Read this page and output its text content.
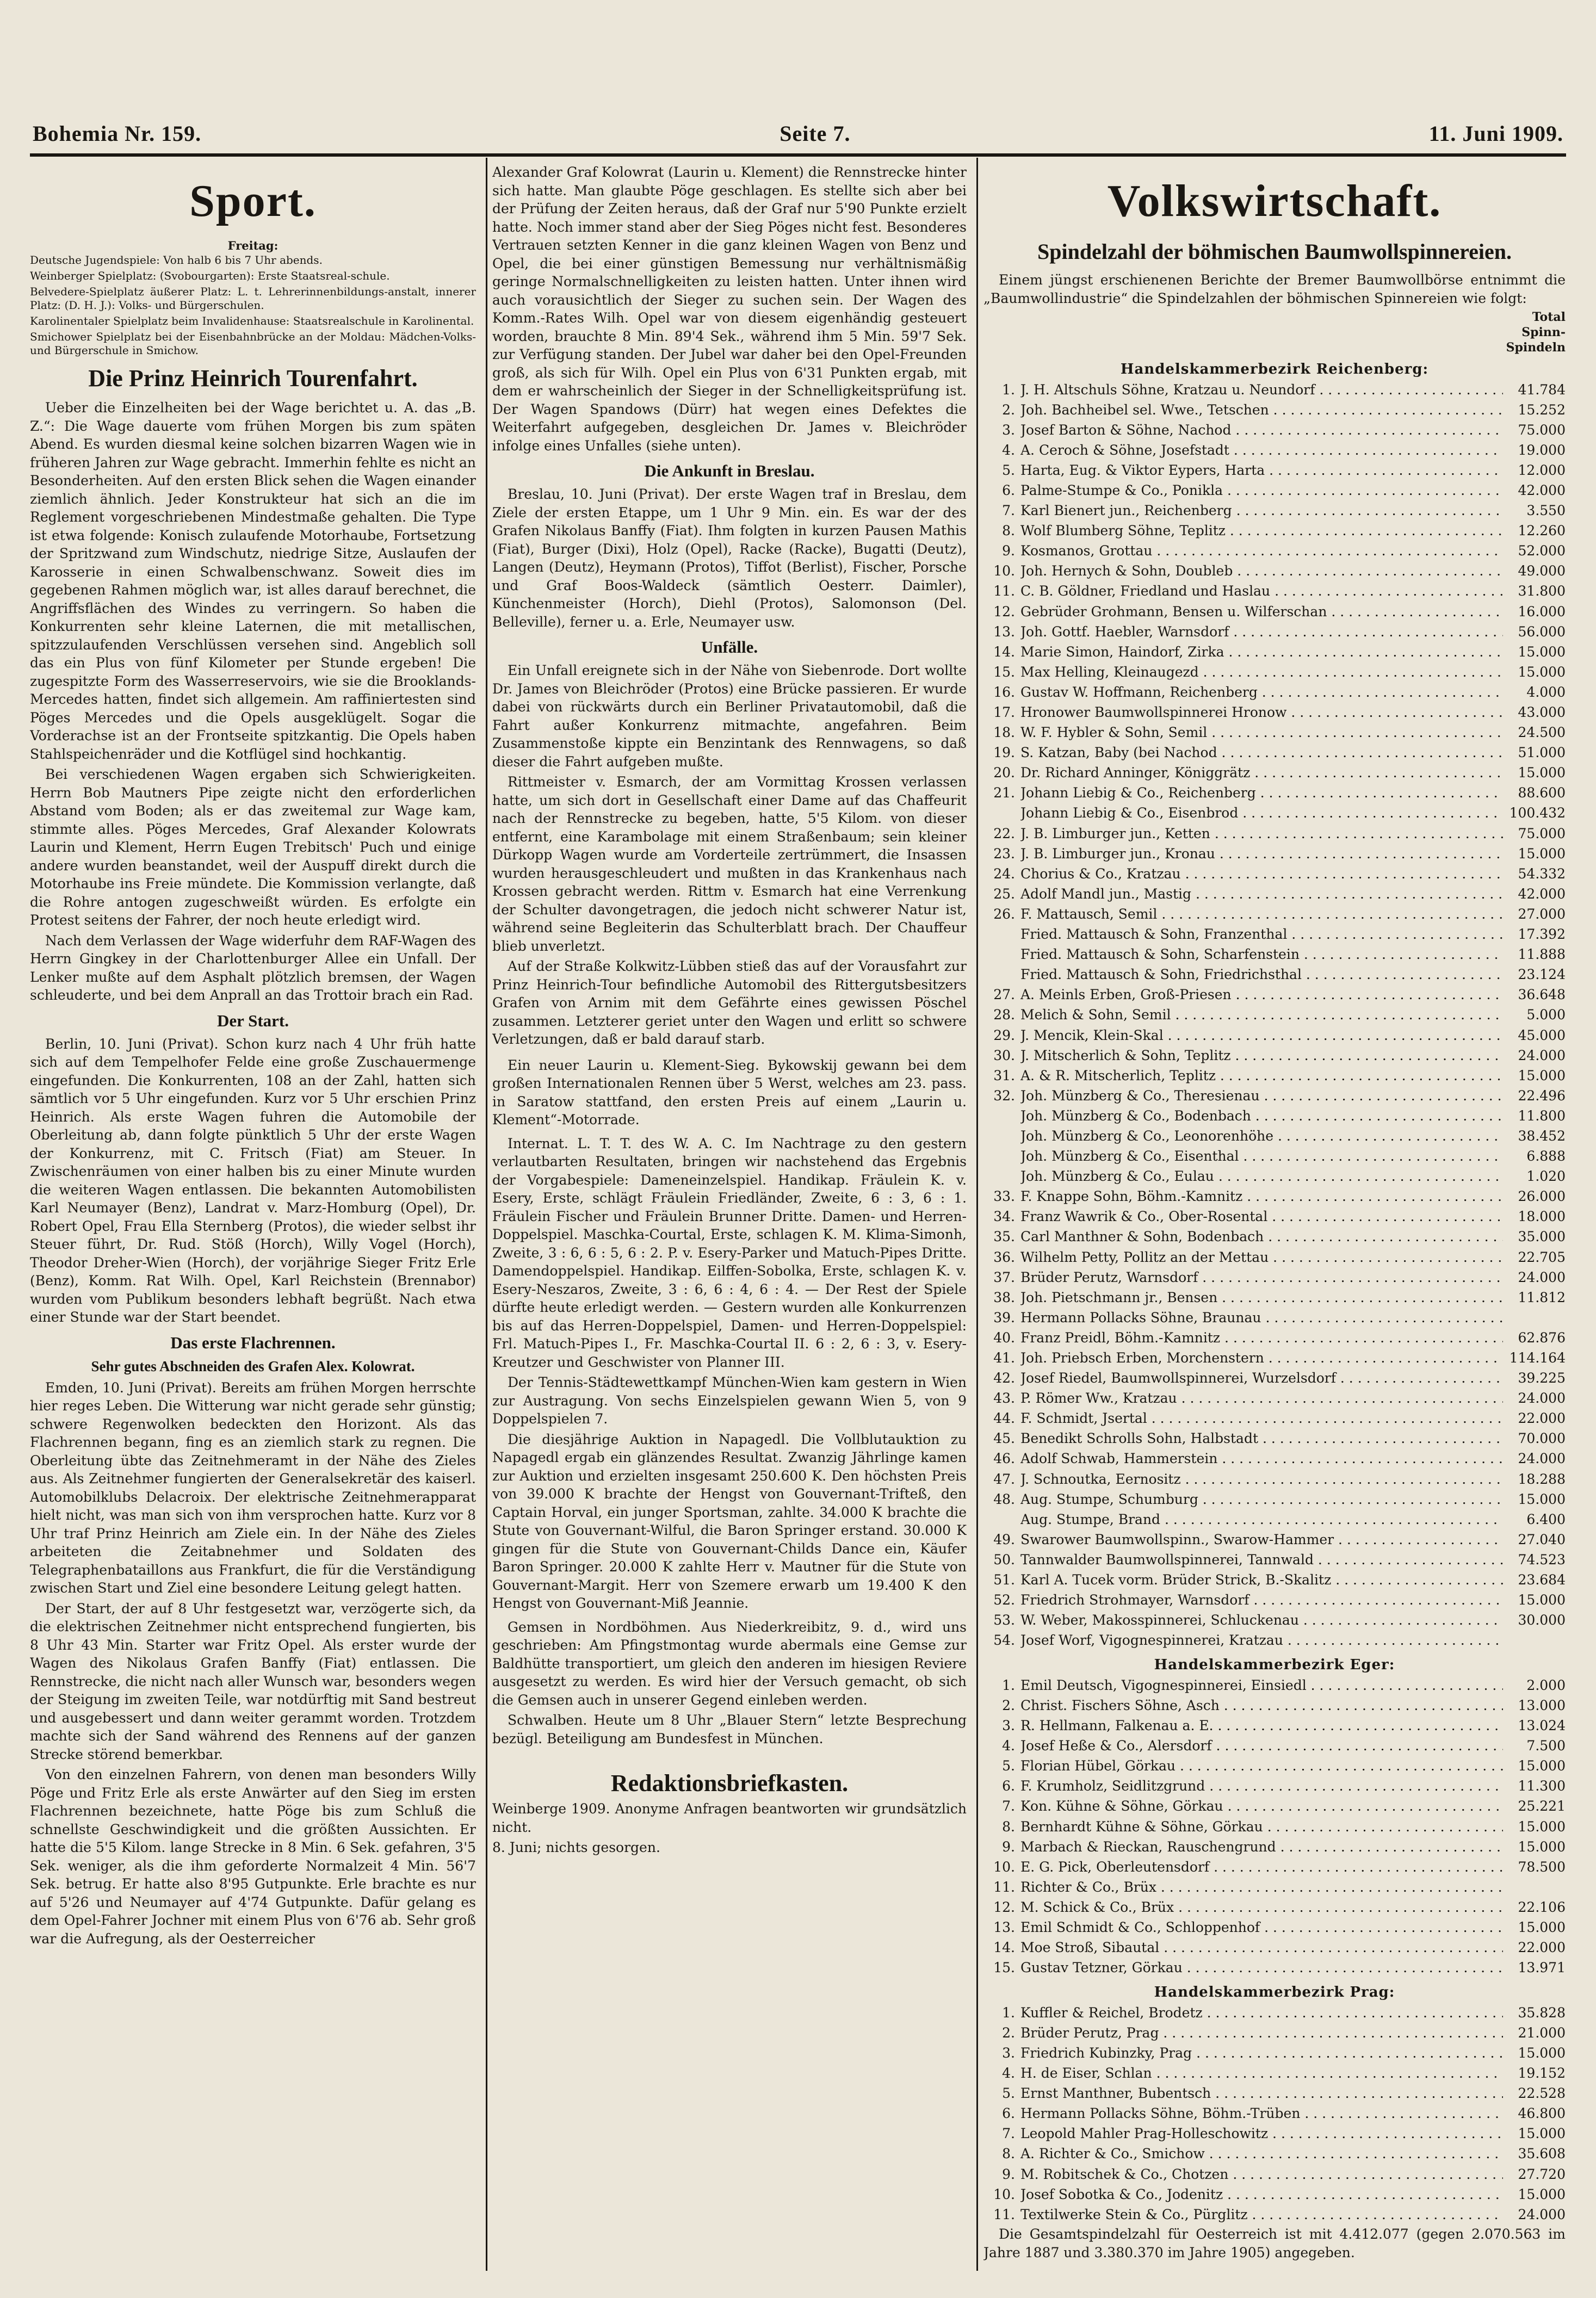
Bohemia Nr. 159.	Seite 7.	11. Juni 1909.
Sport.
Freitag:

Deutsche Jugendspiele: Von halb 6 bis 7 Uhr abends.

Weinberger Spielplatz: (Svobourgarten): Erste Staatsreal-schule.

Belvedere-Spielplatz äußerer Platz: L. t. Lehrerinnenbildungs-anstalt, innerer Platz: (D. H. J.): Volks- und Bürgerschulen.

Karolinentaler Spielplatz beim Invalidenhause: Staatsrealschule in Karolinental.

Smichower Spielplatz bei der Eisenbahnbrücke an der Moldau: Mädchen-Volks- und Bürgerschule in Smichow.

Die Prinz Heinrich Tourenfahrt.

Ueber die Einzelheiten bei der Wage berichtet u. A. das „B. Z.“: Die Wage dauerte vom frühen Morgen bis zum späten Abend. Es wurden diesmal keine solchen bizarren Wagen wie in früheren Jahren zur Wage gebracht. Immerhin fehlte es nicht an Besonderheiten. Auf den ersten Blick sehen die Wagen einander ziemlich ähnlich. Jeder Konstrukteur hat sich an die im Reglement vorgeschriebenen Mindestmaße gehalten. Die Type ist etwa folgende: Konisch zulaufende Motorhaube, Fortsetzung der Spritzwand zum Windschutz, niedrige Sitze, Auslaufen der Karosserie in einen Schwalbenschwanz. Soweit dies im gegebenen Rahmen möglich war, ist alles darauf berechnet, die Angriffsflächen des Windes zu verringern. So haben die Konkurrenten sehr kleine Laternen, die mit metallischen, spitzzulaufenden Verschlüssen versehen sind. Angeblich soll das ein Plus von fünf Kilometer per Stunde ergeben! Die zugespitzte Form des Wasserreservoirs, wie sie die Brooklands-Mercedes hatten, findet sich allgemein. Am raffiniertesten sind Pöges Mercedes und die Opels ausgeklügelt. Sogar die Vorderachse ist an der Frontseite spitzkantig. Die Opels haben Stahlspeichenräder und die Kotflügel sind hochkantig.

Bei verschiedenen Wagen ergaben sich Schwierigkeiten. Herrn Bob Mautners Pipe zeigte nicht den erforderlichen Abstand vom Boden; als er das zweitemal zur Wage kam, stimmte alles. Pöges Mercedes, Graf Alexander Kolowrats Laurin und Klement, Herrn Eugen Trebitsch' Puch und einige andere wurden beanstandet, weil der Auspuff direkt durch die Motorhaube ins Freie mündete. Die Kommission verlangte, daß die Rohre antogen zugeschweißt würden. Es erfolgte ein Protest seitens der Fahrer, der noch heute erledigt wird.

Nach dem Verlassen der Wage widerfuhr dem RAF-Wagen des Herrn Gingkey in der Charlottenburger Allee ein Unfall. Der Lenker mußte auf dem Asphalt plötzlich bremsen, der Wagen schleuderte, und bei dem Anprall an das Trottoir brach ein Rad.

Der Start.

Berlin, 10. Juni (Privat). Schon kurz nach 4 Uhr früh hatte sich auf dem Tempelhofer Felde eine große Zuschauermenge eingefunden. Die Konkurrenten, 108 an der Zahl, hatten sich sämtlich vor 5 Uhr eingefunden. Kurz vor 5 Uhr erschien Prinz Heinrich. Als erste Wagen fuhren die Automobile der Oberleitung ab, dann folgte pünktlich 5 Uhr der erste Wagen der Konkurrenz, mit C. Fritsch (Fiat) am Steuer. In Zwischenräumen von einer halben bis zu einer Minute wurden die weiteren Wagen entlassen. Die bekannten Automobilisten Karl Neumayer (Benz), Landrat v. Marz-Homburg (Opel), Dr. Robert Opel, Frau Ella Sternberg (Protos), die wieder selbst ihr Steuer führt, Dr. Rud. Stöß (Horch), Willy Vogel (Horch), Theodor Dreher-Wien (Horch), der vorjährige Sieger Fritz Erle (Benz), Komm. Rat Wilh. Opel, Karl Reichstein (Brennabor) wurden vom Publikum besonders lebhaft begrüßt. Nach etwa einer Stunde war der Start beendet.

Das erste Flachrennen.
Sehr gutes Abschneiden des Grafen Alex. Kolowrat.

Emden, 10. Juni (Privat). Bereits am frühen Morgen herrschte hier reges Leben. Die Witterung war nicht gerade sehr günstig; schwere Regenwolken bedeckten den Horizont. Als das Flachrennen begann, fing es an ziemlich stark zu regnen. Die Oberleitung übte das Zeitnehmeramt in der Nähe des Zieles aus. Als Zeitnehmer fungierten der Generalsekretär des kaiserl. Automobilklubs Delacroix. Der elektrische Zeitnehmerapparat hielt nicht, was man sich von ihm versprochen hatte. Kurz vor 8 Uhr traf Prinz Heinrich am Ziele ein. In der Nähe des Zieles arbeiteten die Zeitabnehmer und Soldaten des Telegraphenbataillons aus Frankfurt, die für die Verständigung zwischen Start und Ziel eine besondere Leitung gelegt hatten.

Der Start, der auf 8 Uhr festgesetzt war, verzögerte sich, da die elektrischen Zeitnehmer nicht entsprechend fungierten, bis 8 Uhr 43 Min. Starter war Fritz Opel. Als erster wurde der Wagen des Nikolaus Grafen Banffy (Fiat) entlassen. Die Rennstrecke, die nicht nach aller Wunsch war, besonders wegen der Steigung im zweiten Teile, war notdürftig mit Sand bestreut und ausgebessert und dann weiter gerammt worden. Trotzdem machte sich der Sand während des Rennens auf der ganzen Strecke störend bemerkbar.

Von den einzelnen Fahrern, von denen man besonders Willy Pöge und Fritz Erle als erste Anwärter auf den Sieg im ersten Flachrennen bezeichnete, hatte Pöge bis zum Schluß die schnellste Geschwindigkeit und die größten Aussichten. Er hatte die 5'5 Kilom. lange Strecke in 8 Min. 6 Sek. gefahren, 3'5 Sek. weniger, als die ihm geforderte Normalzeit 4 Min. 56'7 Sek. betrug. Er hatte also 8'95 Gutpunkte. Erle brachte es nur auf 5'26 und Neumayer auf 4'74 Gutpunkte. Dafür gelang es dem Opel-Fahrer Jochner mit einem Plus von 6'76 ab. Sehr groß war die Aufregung, als der Oesterreicher

Alexander Graf Kolowrat (Laurin u. Klement) die Rennstrecke hinter sich hatte. Man glaubte Pöge geschlagen. Es stellte sich aber bei der Prüfung der Zeiten heraus, daß der Graf nur 5'90 Punkte erzielt hatte. Noch immer stand aber der Sieg Pöges nicht fest. Besonderes Vertrauen setzten Kenner in die ganz kleinen Wagen von Benz und Opel, die bei einer günstigen Bemessung nur verhältnismäßig geringe Normalschnelligkeiten zu leisten hatten. Unter ihnen wird auch vorausichtlich der Sieger zu suchen sein. Der Wagen des Komm.-Rates Wilh. Opel war von diesem eigenhändig gesteuert worden, brauchte 8 Min. 89'4 Sek., während ihm 5 Min. 59'7 Sek. zur Verfügung standen. Der Jubel war daher bei den Opel-Freunden groß, als sich für Wilh. Opel ein Plus von 6'31 Punkten ergab, mit dem er wahrscheinlich der Sieger in der Schnelligkeitsprüfung ist. Der Wagen Spandows (Dürr) hat wegen eines Defektes die Weiterfahrt aufgegeben, desgleichen Dr. James v. Bleichröder infolge eines Unfalles (siehe unten).

Die Ankunft in Breslau.

Breslau, 10. Juni (Privat). Der erste Wagen traf in Breslau, dem Ziele der ersten Etappe, um 1 Uhr 9 Min. ein. Es war der des Grafen Nikolaus Banffy (Fiat). Ihm folgten in kurzen Pausen Mathis (Fiat), Burger (Dixi), Holz (Opel), Racke (Racke), Bugatti (Deutz), Langen (Deutz), Heymann (Protos), Tiffot (Berlist), Fischer, Porsche und Graf Boos-Waldeck (sämtlich Oesterr. Daimler), Künchenmeister (Horch), Diehl (Protos), Salomonson (Del. Belleville), ferner u. a. Erle, Neumayer usw.

Unfälle.

Ein Unfall ereignete sich in der Nähe von Siebenrode. Dort wollte Dr. James von Bleichröder (Protos) eine Brücke passieren. Er wurde dabei von rückwärts durch ein Berliner Privatautomobil, daß die Fahrt außer Konkurrenz mitmachte, angefahren. Beim Zusammenstoße kippte ein Benzintank des Rennwagens, so daß dieser die Fahrt aufgeben mußte.

Rittmeister v. Esmarch, der am Vormittag Krossen verlassen hatte, um sich dort in Gesellschaft einer Dame auf das Chaffeurit nach der Rennstrecke zu begeben, hatte, 5'5 Kilom. von dieser entfernt, eine Karambolage mit einem Straßenbaum; sein kleiner Dürkopp Wagen wurde am Vorderteile zertrümmert, die Insassen wurden herausgeschleudert und mußten in das Krankenhaus nach Krossen gebracht werden. Rittm v. Esmarch hat eine Verrenkung der Schulter davongetragen, die jedoch nicht schwerer Natur ist, während seine Begleiterin das Schulterblatt brach. Der Chauffeur blieb unverletzt.

Auf der Straße Kolkwitz-Lübben stieß das auf der Vorausfahrt zur Prinz Heinrich-Tour befindliche Automobil des Rittergutsbesitzers Grafen von Arnim mit dem Gefährte eines gewissen Pöschel zusammen. Letzterer geriet unter den Wagen und erlitt so schwere Verletzungen, daß er bald darauf starb.

Ein neuer Laurin u. Klement-Sieg. Bykowskij gewann bei dem großen Internationalen Rennen über 5 Werst, welches am 23. pass. in Saratow stattfand, den ersten Preis auf einem „Laurin u. Klement“-Motorrade.

Internat. L. T. T. des W. A. C. Im Nachtrage zu den gestern verlautbarten Resultaten, bringen wir nachstehend das Ergebnis der Vorgabespiele: Dameneinzelspiel. Handikap. Fräulein K. v. Esery, Erste, schlägt Fräulein Friedländer, Zweite, 6 : 3, 6 : 1. Fräulein Fischer und Fräulein Brunner Dritte. Damen- und Herren-Doppelspiel. Maschka-Courtal, Erste, schlagen K. M. Klima-Simonh, Zweite, 3 : 6, 6 : 5, 6 : 2. P. v. Esery-Parker und Matuch-Pipes Dritte. Damendoppelspiel. Handikap. Eilffen-Sobolka, Erste, schlagen K. v. Esery-Neszaros, Zweite, 3 : 6, 6 : 4, 6 : 4. — Der Rest der Spiele dürfte heute erledigt werden. — Gestern wurden alle Konkurrenzen bis auf das Herren-Doppelspiel, Damen- und Herren-Doppelspiel: Frl. Matuch-Pipes I., Fr. Maschka-Courtal II. 6 : 2, 6 : 3, v. Esery-Kreutzer und Geschwister von Planner III.

Der Tennis-Städtewettkampf München-Wien kam gestern in Wien zur Austragung. Von sechs Einzelspielen gewann Wien 5, von 9 Doppelspielen 7.

Die diesjährige Auktion in Napagedl. Die Vollblutauktion zu Napagedl ergab ein glänzendes Resultat. Zwanzig Jährlinge kamen zur Auktion und erzielten insgesamt 250.600 K. Den höchsten Preis von 39.000 K brachte der Hengst von Gouvernant-Trifteß, den Captain Horval, ein junger Sportsman, zahlte. 34.000 K brachte die Stute von Gouvernant-Wilful, die Baron Springer erstand. 30.000 K gingen für die Stute von Gouvernant-Childs Dance ein, Käufer Baron Springer. 20.000 K zahlte Herr v. Mautner für die Stute von Gouvernant-Margit. Herr von Szemere erwarb um 19.400 K den Hengst von Gouvernant-Miß Jeannie.

Gemsen in Nordböhmen. Aus Niederkreibitz, 9. d., wird uns geschrieben: Am Pfingstmontag wurde abermals eine Gemse zur Baldhütte transportiert, um gleich den anderen im hiesigen Reviere ausgesetzt zu werden. Es wird hier der Versuch gemacht, ob sich die Gemsen auch in unserer Gegend einleben werden.

Schwalben. Heute um 8 Uhr „Blauer Stern“ letzte Besprechung bezügl. Beteiligung am Bundesfest in München.

Redaktionsbriefkasten.

Weinberge 1909. Anonyme Anfragen beantworten wir grundsätzlich nicht.

8. Juni; nichts gesorgen.

Volkswirtschaft.
Spindelzahl der böhmischen Baumwollspinnereien.

Einem jüngst erschienenen Berichte der Bremer Baumwollbörse entnimmt die „Baumwollindustrie“ die Spindelzahlen der böhmischen Spinnereien wie folgt:

Total Spinn-Spindeln
Handelskammerbezirk Reichenberg:
1. J. H. Altschuls Söhne, Kratzau u. Neundorf . . .	41.784
2. Joh. Bachheibel sel. Wwe., Tetschen . . .	15.252
3. Josef Barton & Söhne, Nachod . . .	75.000
4. A. Ceroch & Söhne, Josefstadt . . .	19.000
5. Harta, Eug. & Viktor Eypers, Harta . . .	12.000
6. Palme-Stumpe & Co., Ponikla . . .	42.000
7. Karl Bienert jun., Reichenberg . . .	3.550
8. Wolf Blumberg Söhne, Teplitz . . .	12.260
9. Kosmanos, Grottau . . .	52.000
10. Joh. Hernych & Sohn, Doubleb . . .	49.000
11. C. B. Göldner, Friedland und Haslau . . .	31.800
12. Gebrüder Grohmann, Bensen u. Wilferschan . . .	16.000
13. Joh. Gottf. Haebler, Warnsdorf . . .	56.000
14. Marie Simon, Haindorf, Zirka . . .	15.000
15. Max Helling, Kleinaugezd . . .	15.000
16. Gustav W. Hoffmann, Reichenberg . . .	4.000
17. Hronower Baumwollspinnerei Hronow . . .	43.000
18. W. F. Hybler & Sohn, Semil . . .	24.500
19. S. Katzan, Baby (bei Nachod . . .	51.000
20. Dr. Richard Anninger, Königgrätz . . .	15.000
21. Johann Liebig & Co., Reichenberg . . .	88.600
Johann Liebig & Co., Eisenbrod . . .	100.432
22. J. B. Limburger jun., Ketten . . .	75.000
23. J. B. Limburger jun., Kronau . . .	15.000
24. Chorius & Co., Kratzau . . .	54.332
25. Adolf Mandl jun., Mastig . . .	42.000
26. F. Mattausch, Semil . . .	27.000
Fried. Mattausch & Sohn, Franzenthal . . .	17.392
Fried. Mattausch & Sohn, Scharfenstein . . .	11.888
Fried. Mattausch & Sohn, Friedrichsthal . . .	23.124
27. A. Meinls Erben, Groß-Priesen . . .	36.648
28. Melich & Sohn, Semil . . .	5.000
29. J. Mencik, Klein-Skal . . .	45.000
30. J. Mitscherlich & Sohn, Teplitz . . .	24.000
31. A. & R. Mitscherlich, Teplitz . . .	15.000
32. Joh. Münzberg & Co., Theresienau . . .	22.496
Joh. Münzberg & Co., Bodenbach . . .	11.800
Joh. Münzberg & Co., Leonorenhöhe . . .	38.452
Joh. Münzberg & Co., Eisenthal . . .	6.888
Joh. Münzberg & Co., Eulau . . .	1.020
33. F. Knappe Sohn, Böhm.-Kamnitz . . .	26.000
34. Franz Wawrik & Co., Ober-Rosental . . .	18.000
35. Carl Manthner & Sohn, Bodenbach . . .	35.000
36. Wilhelm Petty, Pollitz an der Mettau . . .	22.705
37. Brüder Perutz, Warnsdorf . . .	24.000
38. Joh. Pietschmann jr., Bensen . . .	11.812
39. Hermann Pollacks Söhne, Braunau . . .
40. Franz Preidl, Böhm.-Kamnitz . . .	62.876
41. Joh. Priebsch Erben, Morchenstern . . .	114.164
42. Josef Riedel, Baumwollspinnerei, Wurzelsdorf . . .	39.225
43. P. Römer Ww., Kratzau . . .	24.000
44. F. Schmidt, Jsertal . . .	22.000
45. Benedikt Schrolls Sohn, Halbstadt . . .	70.000
46. Adolf Schwab, Hammerstein . . .	24.000
47. J. Schnoutka, Eernositz . . .	18.288
48. Aug. Stumpe, Schumburg . . .	15.000
Aug. Stumpe, Brand . . .	6.400
49. Swarower Baumwollspinn., Swarow-Hammer . . .	27.040
50. Tannwalder Baumwollspinnerei, Tannwald . . .	74.523
51. Karl A. Tucek vorm. Brüder Strick, B.-Skalitz . . .	23.684
52. Friedrich Strohmayer, Warnsdorf . . .	15.000
53. W. Weber, Makosspinnerei, Schluckenau . . .	30.000
54. Josef Worf, Vigognespinnerei, Kratzau . . .
Handelskammerbezirk Eger:
1. Emil Deutsch, Vigognespinnerei, Einsiedl . . .	2.000
2. Christ. Fischers Söhne, Asch . . .	13.000
3. R. Hellmann, Falkenau a. E. . . .	13.024
4. Josef Heße & Co., Alersdorf . . .	7.500
5. Florian Hübel, Görkau . . .	15.000
6. F. Krumholz, Seidlitzgrund . . .	11.300
7. Kon. Kühne & Söhne, Görkau . . .	25.221
8. Bernhardt Kühne & Söhne, Görkau . . .	15.000
9. Marbach & Rieckan, Rauschengrund . . .	15.000
10. E. G. Pick, Oberleutensdorf . . .	78.500
11. Richter & Co., Brüx . . .
12. M. Schick & Co., Brüx . . .	22.106
13. Emil Schmidt & Co., Schloppenhof . . .	15.000
14. Moe Stroß, Sibautal . . .	22.000
15. Gustav Tetzner, Görkau . . .	13.971
Handelskammerbezirk Prag:
1. Kuffler & Reichel, Brodetz . . .	35.828
2. Brüder Perutz, Prag . . .	21.000
3. Friedrich Kubinzky, Prag . . .	15.000
4. H. de Eiser, Schlan . . .	19.152
5. Ernst Manthner, Bubentsch . . .	22.528
6. Hermann Pollacks Söhne, Böhm.-Trüben . . .	46.800
7. Leopold Mahler Prag-Holleschowitz . . .	15.000
8. A. Richter & Co., Smichow . . .	35.608
9. M. Robitschek & Co., Chotzen . . .	27.720
10. Josef Sobotka & Co., Jodenitz . . .	15.000
11. Textilwerke Stein & Co., Pürglitz . . .	24.000

Die Gesamtspindelzahl für Oesterreich ist mit 4.412.077 (gegen 2.070.563 im Jahre 1887 und 3.380.370 im Jahre 1905) angegeben.
